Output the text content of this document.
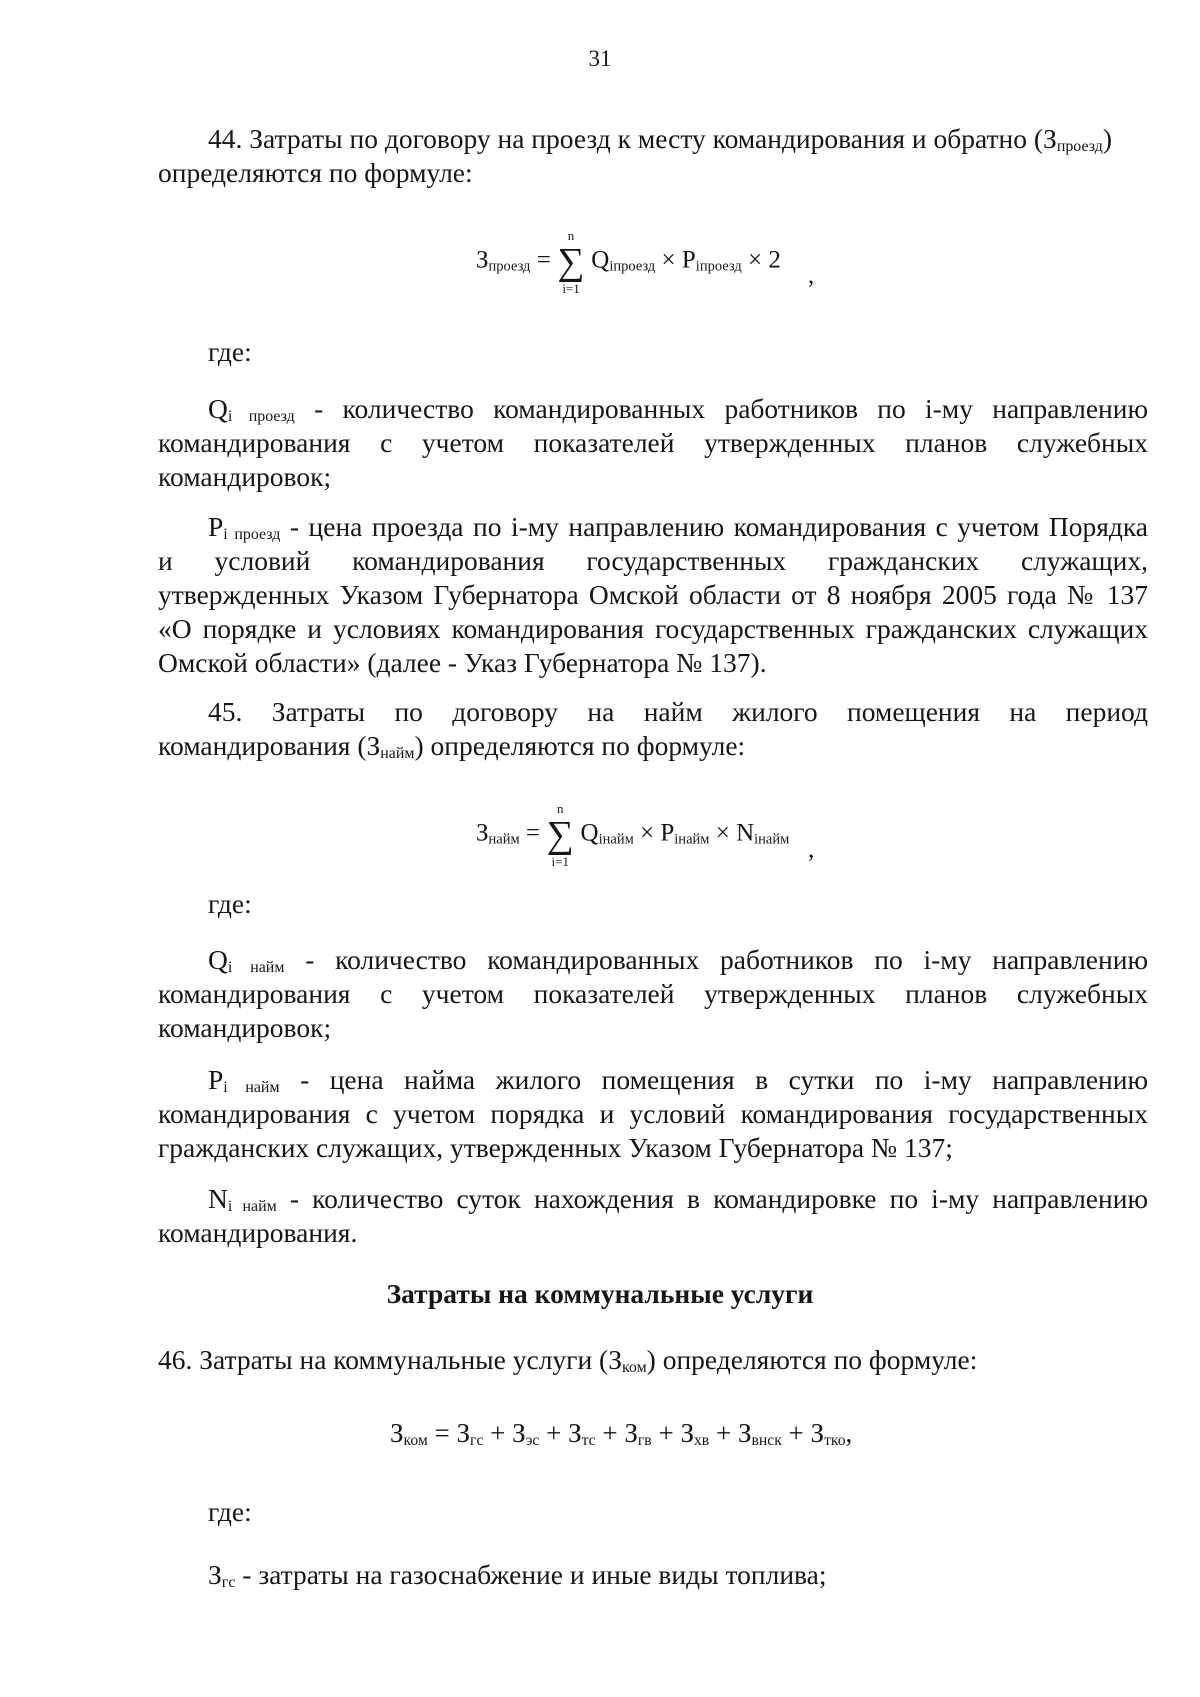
31
44. Затраты по договору на проезд к месту командирования и обратно $(З_{проезд})$
определяются по формуле:
Зпроезд =
n
∑
i=1
Qiпроезд × Piпроезд × 2
,
где:
$Q_{i проезд}$ - количество командированных работников по i-му направлению
командирования с учетом показателей утвержденных планов служебных
командировок;
$P_{i проезд}$ - цена проезда по i-му направлению командирования с учетом Порядка
и условий командирования государственных гражданских служащих,
утвержденных Указом Губернатора Омской области от 8 ноября 2005 года № 137
«О порядке и условиях командирования государственных гражданских служащих
Омской области» (далее - Указ Губернатора № 137).
45. Затраты по договору на найм жилого помещения на период
командирования $(З_{найм})$ определяются по формуле:
Знайм =
n
∑
i=1
Qiнайм × Piнайм × Niнайм ,
где:
$Q_{i найм}$ - количество командированных работников по i-му направлению
командирования с учетом показателей утвержденных планов служебных
командировок;
$P_{i найм}$ - цена найма жилого помещения в сутки по i-му направлению
командирования с учетом порядка и условий командирования государственных
гражданских служащих, утвержденных Указом Губернатора № 137;
$N_{i найм}$ - количество суток нахождения в командировке по i-му направлению
командирования.
Затраты на коммунальные услуги
46. Затраты на коммунальные услуги $(З_{ком})$ определяются по формуле:
$З_{ком} = З_{гс} + З_{эс} + З_{тс} + З_{гв} + З_{хв} + З_{внск} + З_{тко}$,
где:
$З_{гс}$ - затраты на газоснабжение и иные виды топлива;
